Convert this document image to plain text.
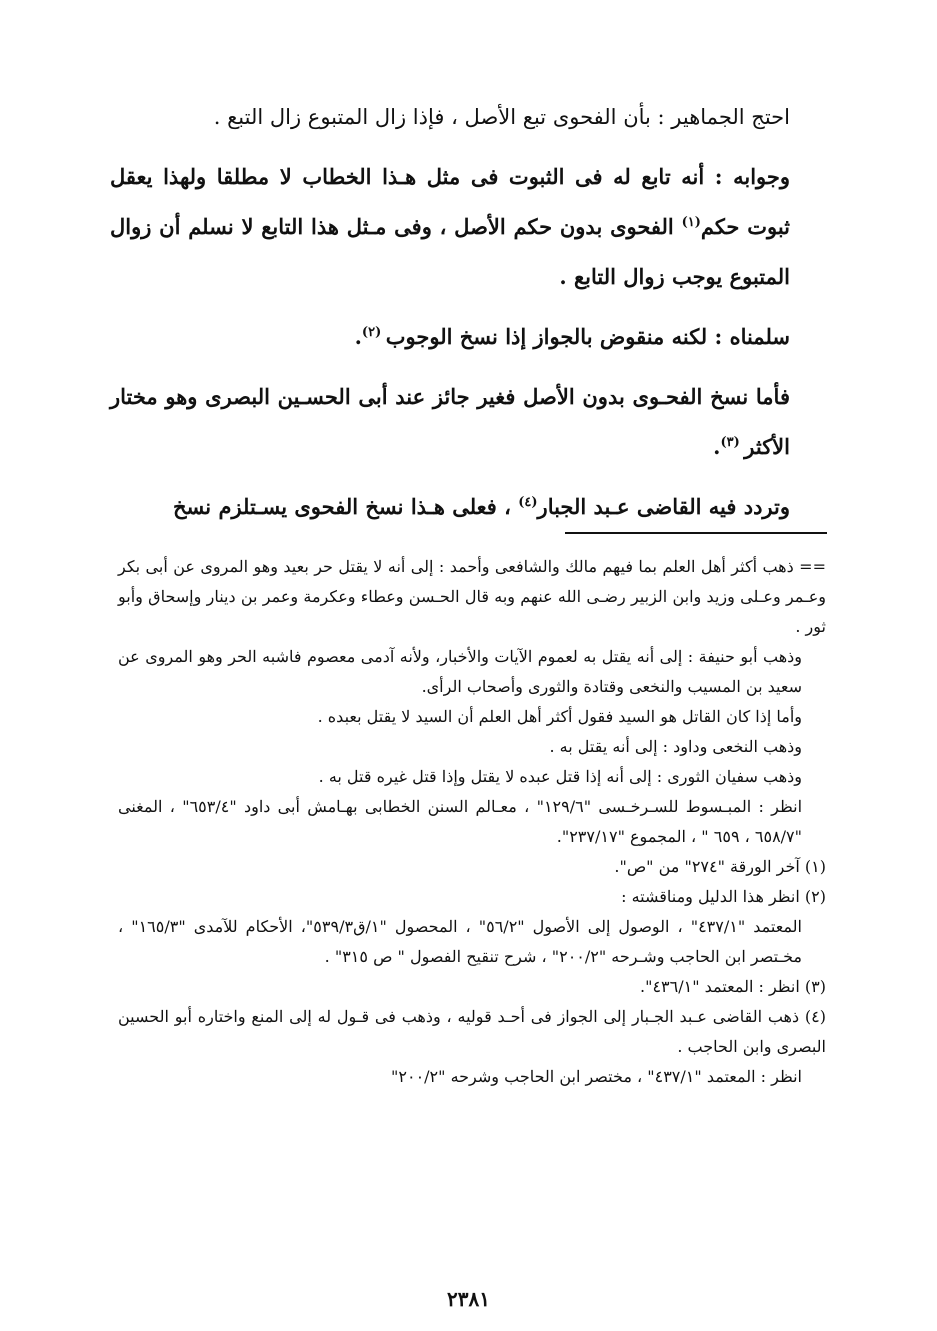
احتج الجماهير : بأن الفحوى تبع الأصل ، فإذا زال المتبوع زال التبع .

وجوابه : أنه تابع له فى الثبوت فى مثل هـذا الخطاب لا مطلقا ولهذا يعقل ثبوت حكم$^{(١)}$ الفحوى بدون حكم الأصل ، وفى مـثل هذا التابع لا نسلم أن زوال المتبوع يوجب زوال التابع .

سلمناه : لكنه منقوض بالجواز إذا نسخ الوجوب $^{(٢)}$.

فأما نسخ الفحـوى بدون الأصل فغير جائز عند أبى الحسـين البصرى وهو مختار الأكثر $^{(٣)}$.

وتردد فيه القاضى عـبد الجبار$^{(٤)}$ ، فعلى هـذا نسخ الفحوى يسـتلزم نسخ

== ذهب أكثر أهل العلم بما فيهم مالك والشافعى وأحمد : إلى أنه لا يقتل حر بعيد وهو المروى عن أبى بكر وعـمر وعـلى وزيد وابن الزبير رضـى الله عنهم وبه قال الحـسن وعطاء وعكرمة وعمر بن دينار وإسحاق وأبو ثور .

وذهب أبو حنيفة : إلى أنه يقتل به لعموم الآيات والأخبار، ولأنه آدمى معصوم فاشبه الحر وهو المروى عن سعيد بن المسيب والنخعى وقتادة والثورى وأصحاب الرأى.

وأما إذا كان القاتل هو السيد فقول أكثر أهل العلم أن السيد لا يقتل بعبده .

وذهب النخعى وداود : إلى أنه يقتل به .

وذهب سفيان الثورى : إلى أنه إذا قتل عبده لا يقتل وإذا قتل غيره قتل به .

انظر : المبـسوط للسـرخـسى "١٢٩/٦" ، معـالم السنن الخطابى بهـامش أبى داود "٦٥٣/٤" ، المغنى "٦٥٨/٧ ، ٦٥٩ " ، المجموع "٢٣٧/١٧".

(١) آخر الورقة "٢٧٤" من "ص".

(٢) انظر هذا الدليل ومناقشته :

المعتمد "٤٣٧/١" ، الوصول إلى الأصول "٥٦/٢" ، المحصول "١/ق٥٣٩/٣"، الأحكام للآمدى "١٦٥/٣" ، مخـتصر ابن الحاجب وشـرحه "٢٠٠/٢" ، شرح تنقيح الفصول " ص ٣١٥" .

(٣) انظر : المعتمد "٤٣٦/١".

(٤) ذهب القاضى عـبد الجـبار إلى الجواز فى أحـد قوليه ، وذهب فى قـول له إلى المنع واختاره أبو الحسين البصرى وابن الحاجب .

انظر : المعتمد "٤٣٧/١" ، مختصر ابن الحاجب وشرحه "٢٠٠/٢"

٢٣٨١
